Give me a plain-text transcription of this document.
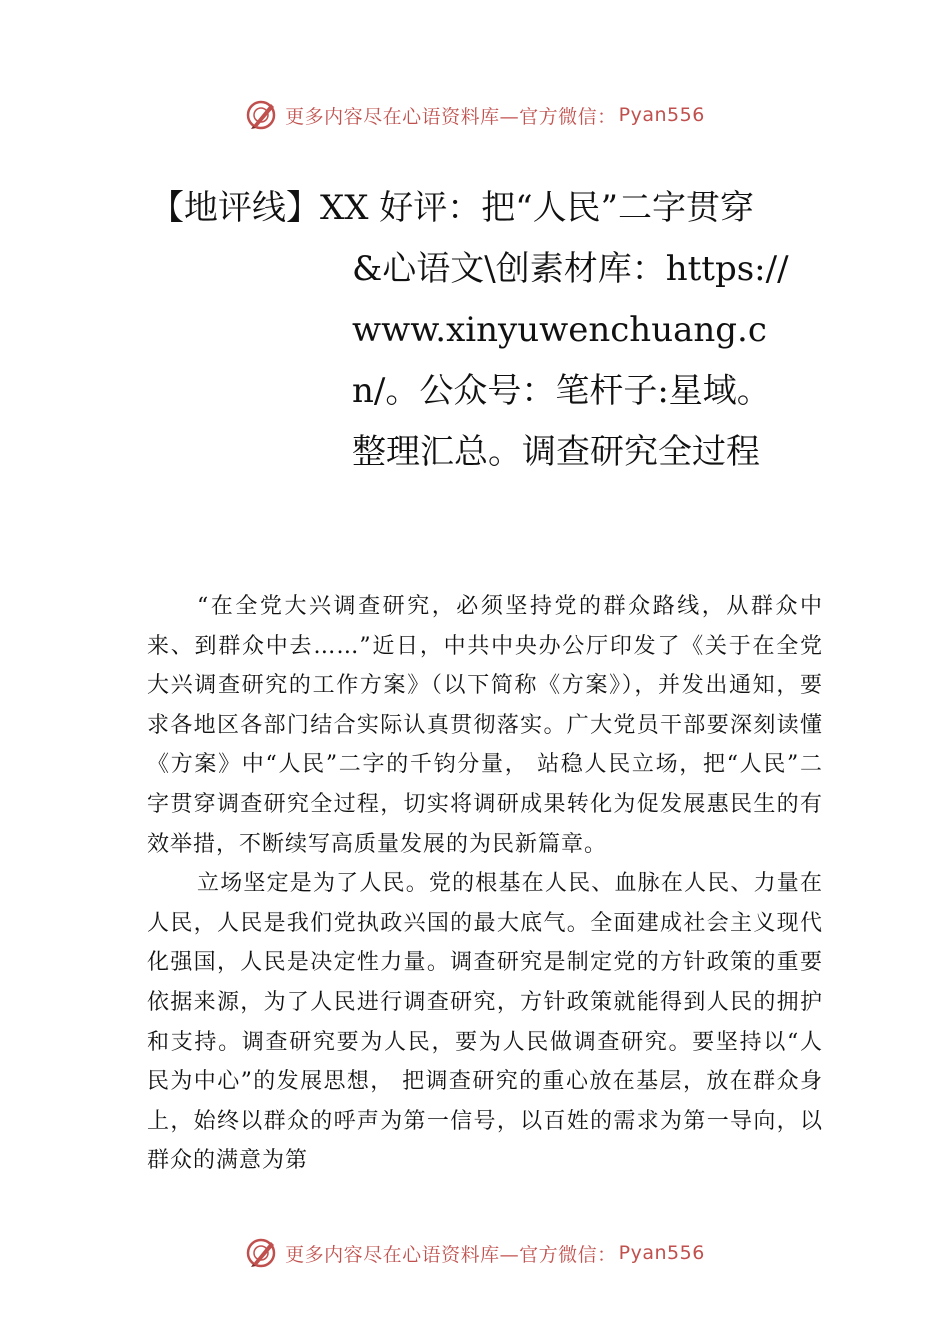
更多内容尽在心语资料库—官方微信： Pyan556
【地评线】XX 好评：把“人民”二字贯穿
&心语文\创素材库：https://www.xinyuwenchuang.cn/。公众号：笔杆子:星域。整理汇总。调查研究全过程

“在全党大兴调查研究，必须坚持党的群众路线，从群众中来、到群众中去……”近日，中共中央办公厅印发了《关于在全党大兴调查研究的工作方案》（以下简称《方案》），并发出通知，要求各地区各部门结合实际认真贯彻落实。广大党员干部要深刻读懂《方案》中“人民”二字的千钧分量， 站稳人民立场，把“人民”二字贯穿调查研究全过程，切实将调研成果转化为促发展惠民生的有效举措，不断续写高质量发展的为民新篇章。

立场坚定是为了人民。党的根基在人民、血脉在人民、力量在人民，人民是我们党执政兴国的最大底气。全面建成社会主义现代化强国，人民是决定性力量。调查研究是制定党的方针政策的重要依据来源，为了人民进行调查研究，方针政策就能得到人民的拥护和支持。调查研究要为人民，要为人民做调查研究。要坚持以“人民为中心”的发展思想， 把调查研究的重心放在基层，放在群众身上，始终以群众的呼声为第一信号，以百姓的需求为第一导向，以群众的满意为第

更多内容尽在心语资料库—官方微信： Pyan556
